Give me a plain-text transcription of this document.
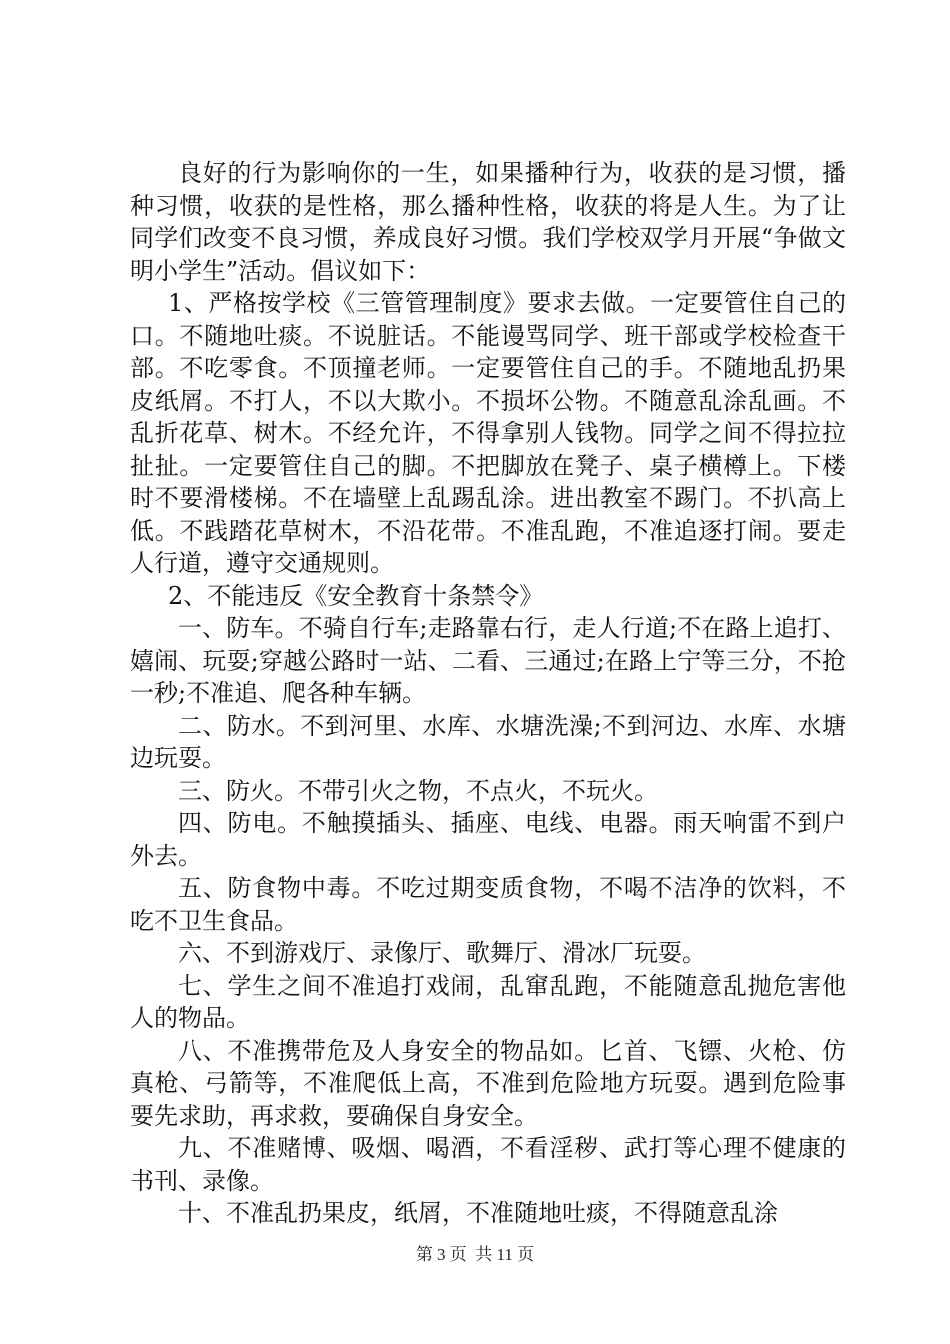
良好的行为影响你的一生，如果播种行为，收获的是习惯，播种习惯，收获的是性格，那么播种性格，收获的将是人生。为了让同学们改变不良习惯，养成良好习惯。我们学校双学月开展“争做文明小学生”活动。倡议如下：

1、严格按学校《三管管理制度》要求去做。一定要管住自己的口。不随地吐痰。不说脏话。不能谩骂同学、班干部或学校检查干部。不吃零食。不顶撞老师。一定要管住自己的手。不随地乱扔果皮纸屑。不打人，不以大欺小。不损坏公物。不随意乱涂乱画。不乱折花草、树木。不经允许，不得拿别人钱物。同学之间不得拉拉扯扯。一定要管住自己的脚。不把脚放在凳子、桌子横樽上。下楼时不要滑楼梯。不在墙壁上乱踢乱涂。进出教室不踢门。不扒高上低。不践踏花草树木，不沿花带。不准乱跑，不准追逐打闹。要走人行道，遵守交通规则。

2、不能违反《安全教育十条禁令》

一、防车。不骑自行车;走路靠右行，走人行道;不在路上追打、嬉闹、玩耍;穿越公路时一站、二看、三通过;在路上宁等三分，不抢一秒;不准追、爬各种车辆。

二、防水。不到河里、水库、水塘洗澡;不到河边、水库、水塘边玩耍。

三、防火。不带引火之物，不点火，不玩火。

四、防电。不触摸插头、插座、电线、电器。雨天响雷不到户外去。

五、防食物中毒。不吃过期变质食物，不喝不洁净的饮料，不吃不卫生食品。

六、不到游戏厅、录像厅、歌舞厅、滑冰厂玩耍。

七、学生之间不准追打戏闹，乱窜乱跑，不能随意乱抛危害他人的物品。

八、不准携带危及人身安全的物品如。匕首、飞镖、火枪、仿真枪、弓箭等，不准爬低上高，不准到危险地方玩耍。遇到危险事要先求助，再求救，要确保自身安全。

九、不准赌博、吸烟、喝酒，不看淫秽、武打等心理不健康的书刊、录像。

十、不准乱扔果皮，纸屑，不准随地吐痰，不得随意乱涂

第 3 页  共 11 页
